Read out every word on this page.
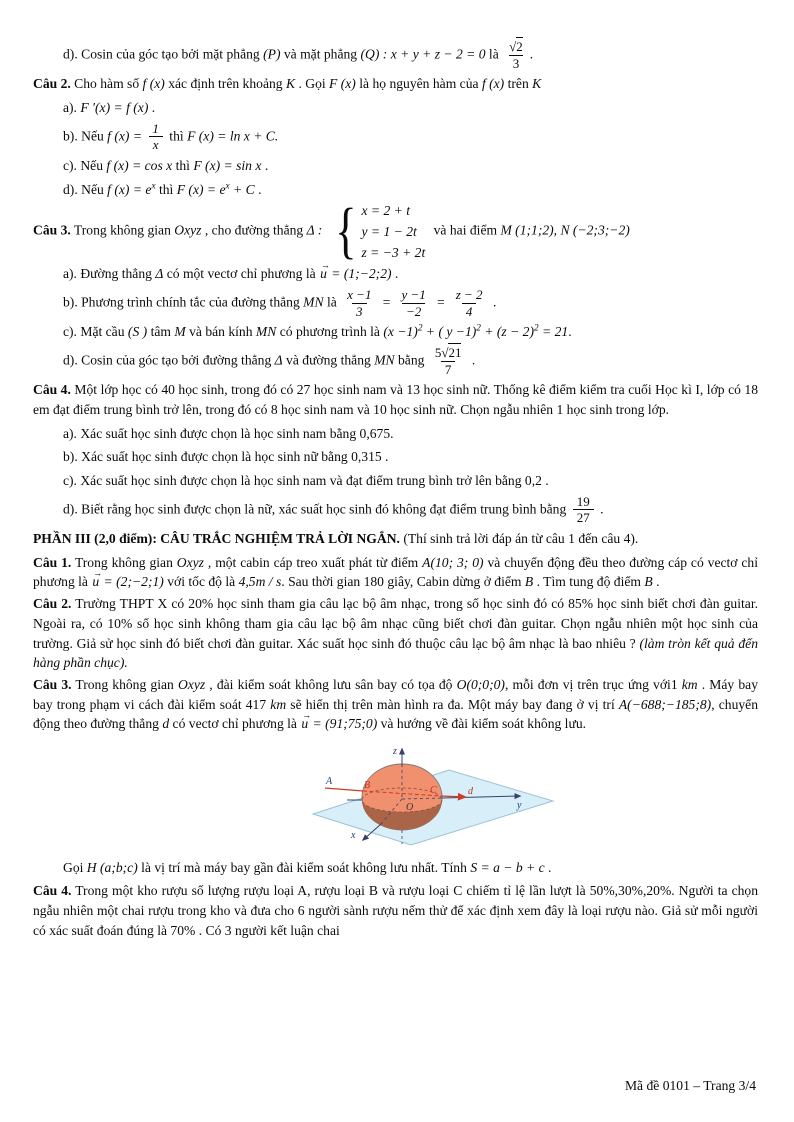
d). Cosin của góc tạo bởi mặt phẳng (P) và mặt phẳng (Q) : x + y + z − 2 = 0 là $\frac{√2}{3}$ .
Câu 2. Cho hàm số f (x) xác định trên khoảng K . Gọi F (x) là họ nguyên hàm của f (x) trên K
a). F ′(x) = f (x) .
b). Nếu f $(x) = \frac{1}{x}$ thì F (x) = ln x + C.
c). Nếu f (x) = cos x thì F (x) = sin x .
d). Nếu f $(x) = e^x$ thì F $(x) = e^x + C$ .
Câu 3. Trong không gian Oxyz , cho đường thẳng Δ : { x = 2 + t
y = 1 − 2t
z = −3 + 2t
và hai điểm M (1;1;2), N (−2;3;−2)
a). Đường thẳng Δ có một vectơ chỉ phương là
→
u = (1;−2;2) .
b). Phương trình chính tắc của đường thẳng MN là $\frac{x -1}{3} = \frac{y -1}{-2} = \frac{z - 2}{4}$ .
c). Mặt cầu (S ) tâm M và bán kính MN có phương trình là $(x -1)^2$ + ( $y -1)^2 + (z - 2)^2 = 21$.
d). Cosin của góc tạo bởi đường thẳng Δ và đường thẳng MN bằng $\frac{5√21}{7}$ .
Câu 4. Một lớp học có 40 học sinh, trong đó có 27 học sinh nam và 13 học sinh nữ. Thống kê điểm kiểm tra cuối Học kì I, lớp có 18 em đạt điểm trung bình trở lên, trong đó có 8 học sinh nam và 10 học sinh nữ. Chọn ngẫu nhiên 1 học sinh trong lớp.
a). Xác suất học sinh được chọn là học sinh nam bằng 0,675.
b). Xác suất học sinh được chọn là học sinh nữ bằng 0,315 .
c). Xác suất học sinh được chọn là học sinh nam và đạt điểm trung bình trở lên bằng 0,2 .
d). Biết rằng học sinh được chọn là nữ, xác suất học sinh đó không đạt điểm trung bình bằng $\frac{19}{27}$ .
PHẦN III (2,0 điểm): CÂU TRẮC NGHIỆM TRẢ LỜI NGẮN. (Thí sinh trả lời đáp án từ câu 1 đến câu 4).
Câu 1. Trong không gian Oxyz , một cabin cáp treo xuất phát từ điểm A(10; 3; 0) và chuyển động đều theo đường cáp có vectơ chỉ phương là
→
u = (2;−2;1) với tốc độ là 4,5m / s. Sau thời gian 180 giây, Cabin dừng ở điểm B . Tìm tung độ điểm B .
Câu 2. Trường THPT X có 20% học sinh tham gia câu lạc bộ âm nhạc, trong số học sinh đó có 85% học sinh biết chơi đàn guitar. Ngoài ra, có 10% số học sinh không tham gia câu lạc bộ âm nhạc cũng biết chơi đàn guitar. Chọn ngẫu nhiên một học sinh của trường. Giả sử học sinh đó biết chơi đàn guitar. Xác suất học sinh đó thuộc câu lạc bộ âm nhạc là bao nhiêu ? (làm tròn kết quả đến hàng phần chục).
Câu 3. Trong không gian Oxyz , đài kiểm soát không lưu sân bay có tọa độ O(0;0;0), mỗi đơn vị trên trục ứng với1 km . Máy bay bay trong phạm vi cách đài kiểm soát 417 km sẽ hiển thị trên màn hình ra đa. Một máy bay đang ở vị trí A(−688;−185;8), chuyển động theo đường thẳng d có vectơ chỉ phương là
→
u = (91;75;0) và hướng về đài kiểm soát không lưu.
A	B	C	d
O
x
y
z
Gọi H (a;b;c) là vị trí mà máy bay gần đài kiểm soát không lưu nhất. Tính S = a − b + c .
Câu 4. Trong một kho rượu số lượng rượu loại A, rượu loại B và rượu loại C chiếm tỉ lệ lần lượt là 50%,30%,20%. Người ta chọn ngẫu nhiên một chai rượu trong kho và đưa cho 6 người sành rượu nếm thử để xác định xem đây là loại rượu nào. Giả sử mỗi người có xác suất đoán đúng là 70% . Có 3 người kết luận chai
Mã đề 0101 – Trang 3/4
